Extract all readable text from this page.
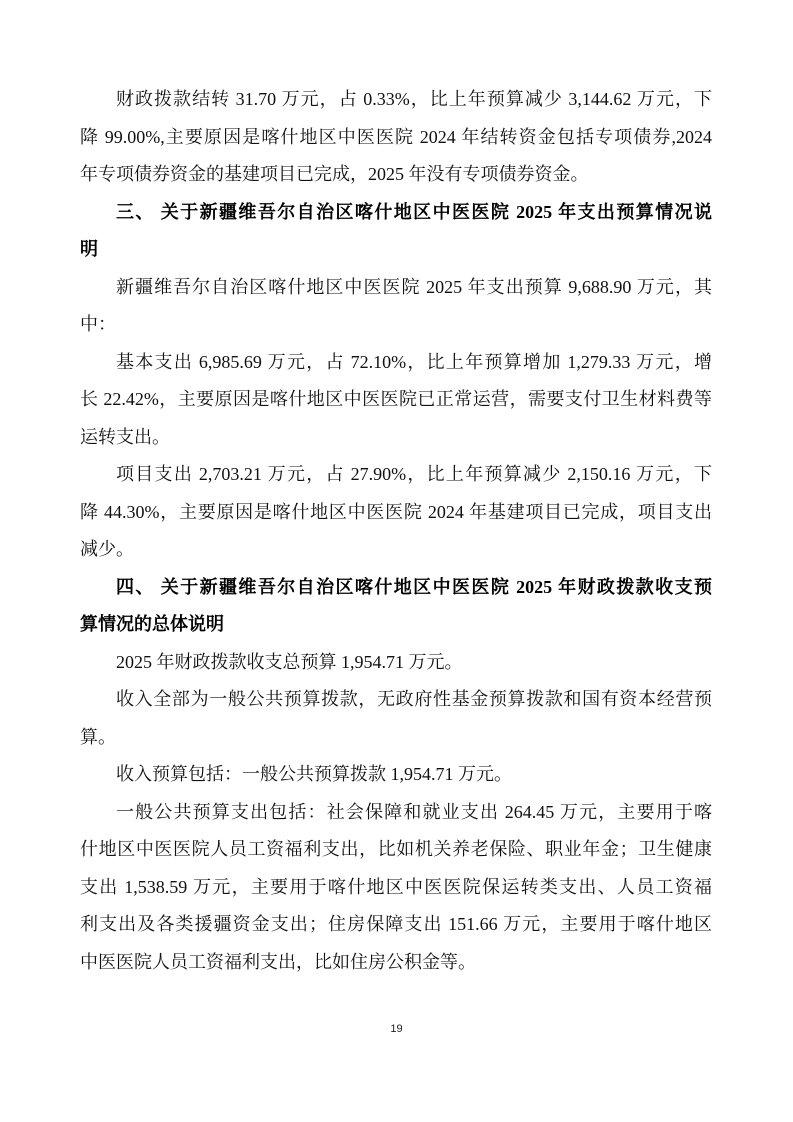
财政拨款结转 31.70 万元，占 0.33%，比上年预算减少 3,144.62 万元，下
降 99.00%,主要原因是喀什地区中医医院 2024 年结转资金包括专项债券,2024
年专项债券资金的基建项目已完成，2025 年没有专项债券资金。
三、 关于新疆维吾尔自治区喀什地区中医医院 2025 年支出预算情况说
明
新疆维吾尔自治区喀什地区中医医院 2025 年支出预算 9,688.90 万元，其
中：
基本支出 6,985.69 万元，占 72.10%，比上年预算增加 1,279.33 万元，增
长 22.42%，主要原因是喀什地区中医医院已正常运营，需要支付卫生材料费等
运转支出。
项目支出 2,703.21 万元，占 27.90%，比上年预算减少 2,150.16 万元，下
降 44.30%，主要原因是喀什地区中医医院 2024 年基建项目已完成，项目支出
减少。
四、 关于新疆维吾尔自治区喀什地区中医医院 2025 年财政拨款收支预
算情况的总体说明
2025 年财政拨款收支总预算 1,954.71 万元。
收入全部为一般公共预算拨款，无政府性基金预算拨款和国有资本经营预
算。
收入预算包括：一般公共预算拨款 1,954.71 万元。
一般公共预算支出包括：社会保障和就业支出 264.45 万元，主要用于喀
什地区中医医院人员工资福利支出，比如机关养老保险、职业年金；卫生健康
支出 1,538.59 万元，主要用于喀什地区中医医院保运转类支出、人员工资福
利支出及各类援疆资金支出；住房保障支出 151.66 万元，主要用于喀什地区
中医医院人员工资福利支出，比如住房公积金等。
19
